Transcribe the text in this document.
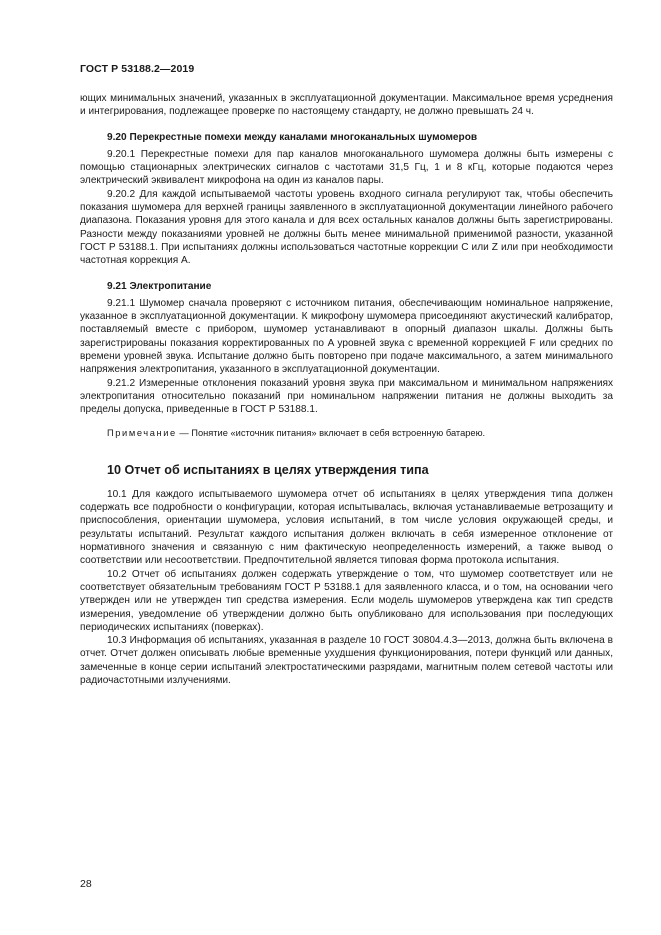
ГОСТ Р 53188.2—2019

ющих минимальных значений, указанных в эксплуатационной документации. Максимальное время усреднения и интегрирования, подлежащее проверке по настоящему стандарту, не должно превышать 24 ч.

9.20 Перекрестные помехи между каналами многоканальных шумомеров

9.20.1 Перекрестные помехи для пар каналов многоканального шумомера должны быть измерены с помощью стационарных электрических сигналов с частотами 31,5 Гц, 1 и 8 кГц, которые подаются через электрический эквивалент микрофона на один из каналов пары.

9.20.2 Для каждой испытываемой частоты уровень входного сигнала регулируют так, чтобы обеспечить показания шумомера для верхней границы заявленного в эксплуатационной документации линейного рабочего диапазона. Показания уровня для этого канала и для всех остальных каналов должны быть зарегистрированы. Разности между показаниями уровней не должны быть менее минимальной применимой разности, указанной ГОСТ Р 53188.1. При испытаниях должны использоваться частотные коррекции C или Z или при необходимости частотная коррекция A.

9.21 Электропитание

9.21.1 Шумомер сначала проверяют с источником питания, обеспечивающим номинальное напряжение, указанное в эксплуатационной документации. К микрофону шумомера присоединяют акустический калибратор, поставляемый вместе с прибором, шумомер устанавливают в опорный диапазон шкалы. Должны быть зарегистрированы показания корректированных по A уровней звука с временной коррекцией F или средних по времени уровней звука. Испытание должно быть повторено при подаче максимального, а затем минимального напряжения электропитания, указанного в эксплуатационной документации.

9.21.2 Измеренные отклонения показаний уровня звука при максимальном и минимальном напряжениях электропитания относительно показаний при номинальном напряжении питания не должны выходить за пределы допуска, приведенные в ГОСТ Р 53188.1.

Примечание — Понятие «источник питания» включает в себя встроенную батарею.

10 Отчет об испытаниях в целях утверждения типа

10.1 Для каждого испытываемого шумомера отчет об испытаниях в целях утверждения типа должен содержать все подробности о конфигурации, которая испытывалась, включая устанавливаемые ветрозащиту и приспособления, ориентации шумомера, условия испытаний, в том числе условия окружающей среды, и результаты испытаний. Результат каждого испытания должен включать в себя измеренное отклонение от нормативного значения и связанную с ним фактическую неопределенность измерений, а также вывод о соответствии или несоответствии. Предпочтительной является типовая форма протокола испытания.

10.2 Отчет об испытаниях должен содержать утверждение о том, что шумомер соответствует или не соответствует обязательным требованиям ГОСТ Р 53188.1 для заявленного класса, и о том, на основании чего утвержден или не утвержден тип средства измерения. Если модель шумомеров утверждена как тип средств измерения, уведомление об утверждении должно быть опубликовано для использования при последующих периодических испытаниях (поверках).

10.3 Информация об испытаниях, указанная в разделе 10 ГОСТ 30804.4.3—2013, должна быть включена в отчет. Отчет должен описывать любые временные ухудшения функционирования, потери функций или данных, замеченные в конце серии испытаний электростатическими разрядами, магнитным полем сетевой частоты или радиочастотными излучениями.

28
